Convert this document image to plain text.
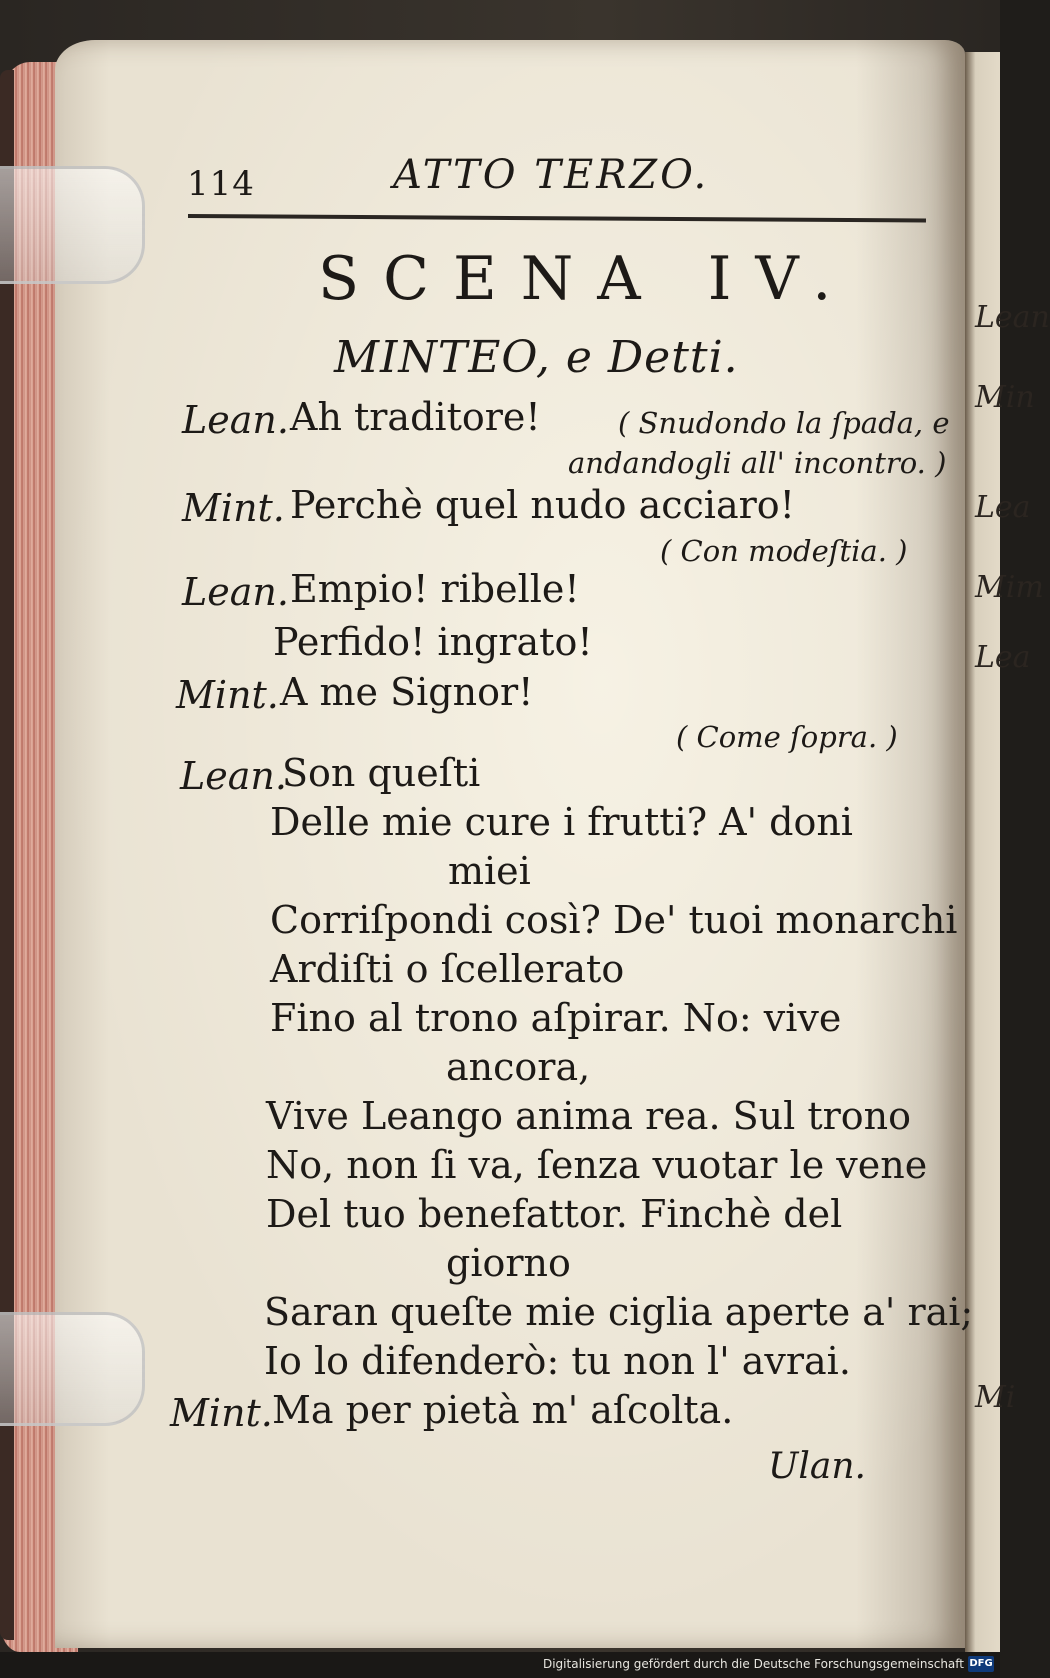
Lean
Min
Lea
Mim
Lea
Mi
114	ATTO TERZO.
SCENA IV.
MINTEO, e Detti.
Lean. Ah traditore!	( Snudondo la ſpada, e
andandogli all' incontro. )
Mint. Perchè quel nudo acciaro!
( Con modeſtia. )
Lean. Empio! ribelle!
Perfido! ingrato!
Mint. A me Signor!
( Come ſopra. )
Lean.
Son queſti
Delle mie cure i frutti? A' doni
miei
Corriſpondi così? De' tuoi monarchi
Ardiſti o ſcellerato
Fino al trono aſpirar. No: vive
ancora,
Vive Leango anima rea. Sul trono
No, non ſi va, ſenza vuotar le vene
Del tuo benefattor. Finchè del
giorno
Saran queſte mie ciglia aperte a' rai;
Io lo difenderò: tu non l' avrai.
Mint. Ma per pietà m' aſcolta.
Ulan.
Digitalisierung gefördert durch die Deutsche Forschungsgemeinschaft DFG
